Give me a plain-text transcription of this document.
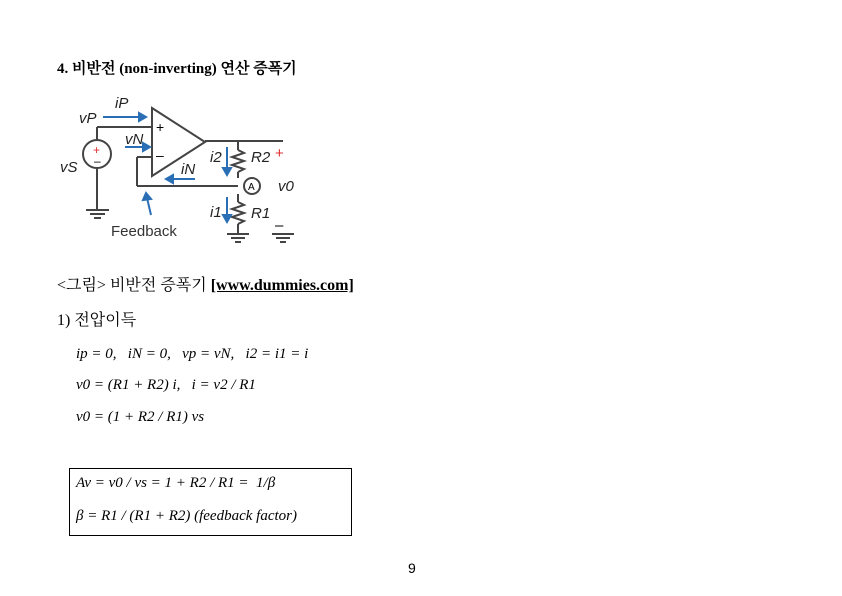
4. 비반전 (non-inverting) 연산 증폭기
+
–
+
–
A
iP
vP
vN
vS	iN
i2
i1
R2
R1
v0
+
–
Feedback
<그림> 비반전 증폭기 [www.dummies.com]
1) 전압이득
ip = 0,   iN = 0,   vp = vN,   i2 = i1 = i
v0 = (R1 + R2) i,   i = v2 / R1
v0 = (1 + R2 / R1) vs
Av = v0 / vs = 1 + R2 / R1 =  1/β
β = R1 / (R1 + R2) (feedback factor)
9
